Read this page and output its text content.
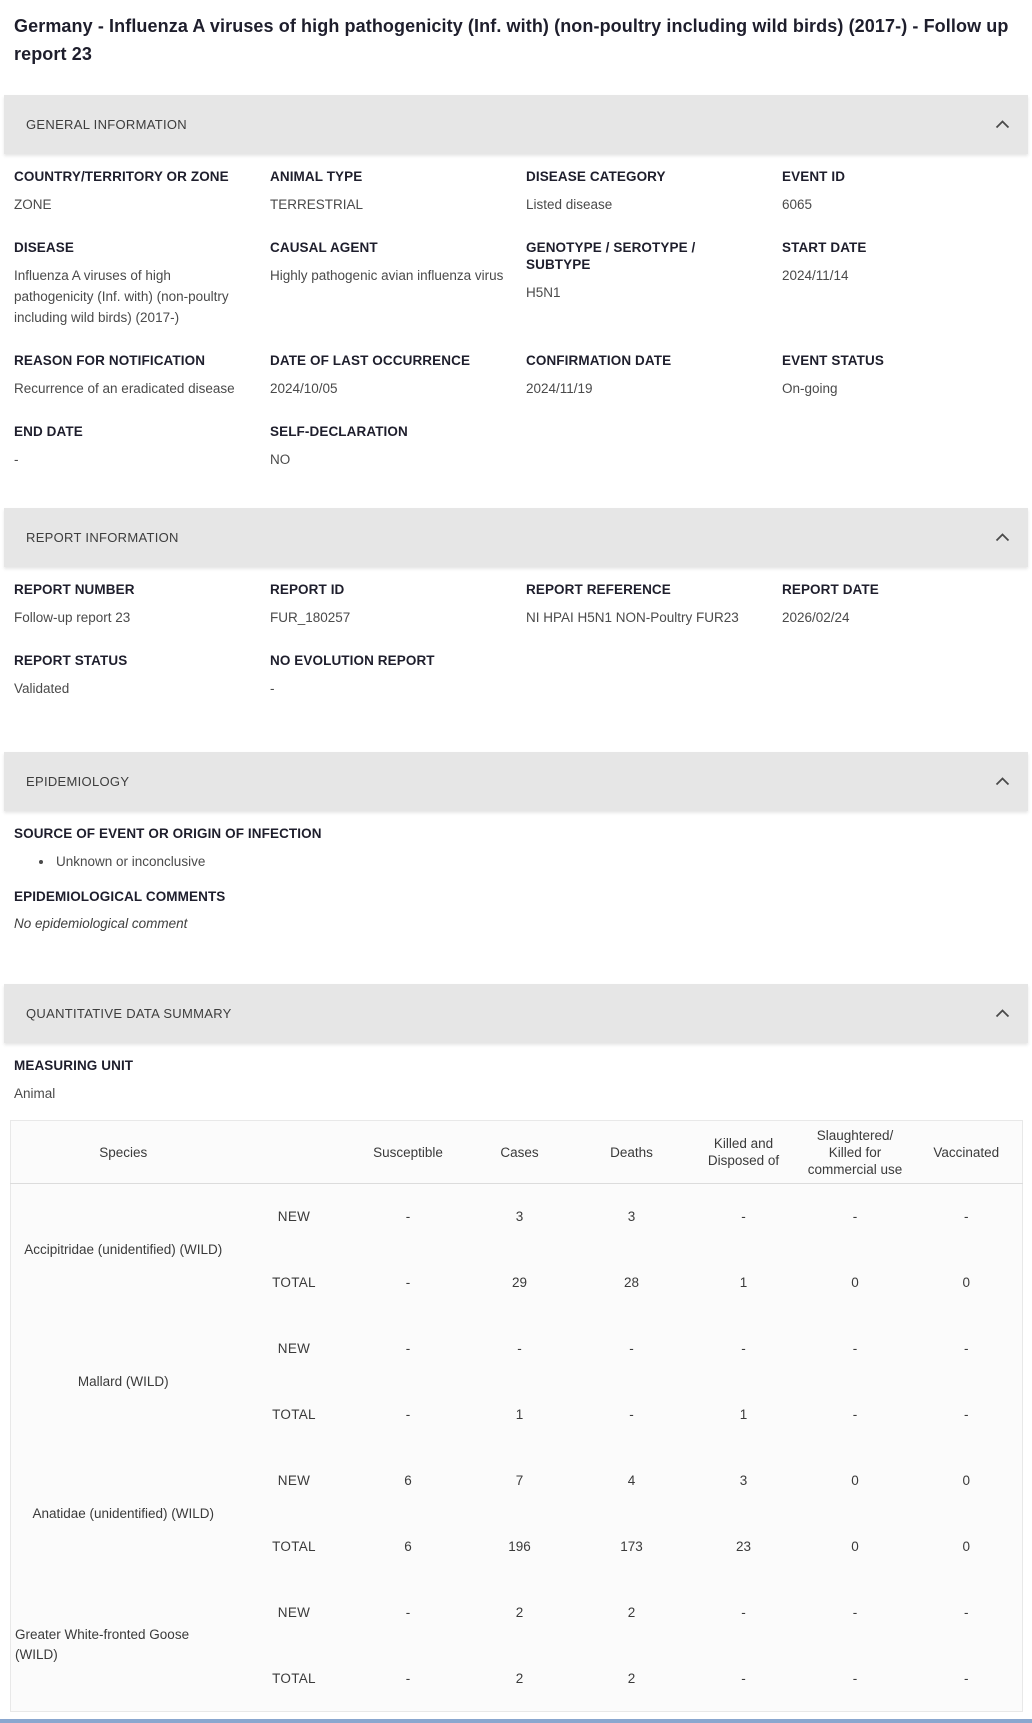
Germany - Influenza A viruses of high pathogenicity (Inf. with) (non-poultry including wild birds) (2017-) - Follow up report 23
GENERAL INFORMATION
COUNTRY/TERRITORY OR ZONE
ZONE
ANIMAL TYPE
TERRESTRIAL
DISEASE CATEGORY
Listed disease
EVENT ID
6065
DISEASE
Influenza A viruses of high pathogenicity (Inf. with) (non-poultry including wild birds) (2017-)
CAUSAL AGENT
Highly pathogenic avian influenza virus
GENOTYPE / SEROTYPE / SUBTYPE
H5N1
START DATE
2024/11/14
REASON FOR NOTIFICATION
Recurrence of an eradicated disease
DATE OF LAST OCCURRENCE
2024/10/05
CONFIRMATION DATE
2024/11/19
EVENT STATUS
On-going
END DATE
-
SELF-DECLARATION
NO
REPORT INFORMATION
REPORT NUMBER
Follow-up report 23
REPORT ID
FUR_180257
REPORT REFERENCE
NI HPAI H5N1 NON-Poultry FUR23
REPORT DATE
2026/02/24
REPORT STATUS
Validated
NO EVOLUTION REPORT
-
EPIDEMIOLOGY
SOURCE OF EVENT OR ORIGIN OF INFECTION
• Unknown or inconclusive
EPIDEMIOLOGICAL COMMENTS
No epidemiological comment
QUANTITATIVE DATA SUMMARY
MEASURING UNIT
Animal
Species		Susceptible	Cases	Deaths	Killed and Disposed of	Slaughtered/ Killed for commercial use	Vaccinated

Accipitridae (unidentified) (WILD)	NEW	-	3	3	-	-	-
	TOTAL	-	29	28	1	0	0

Mallard (WILD)	NEW	-	-	-	-	-	-
	TOTAL	-	1	-	1	-	-

Anatidae (unidentified) (WILD)	NEW	6	7	4	3	0	0
	TOTAL	6	196	173	23	0	0

Greater White-fronted Goose (WILD)	NEW	-	2	2	-	-	-
	TOTAL	-	2	2	-	-	-
